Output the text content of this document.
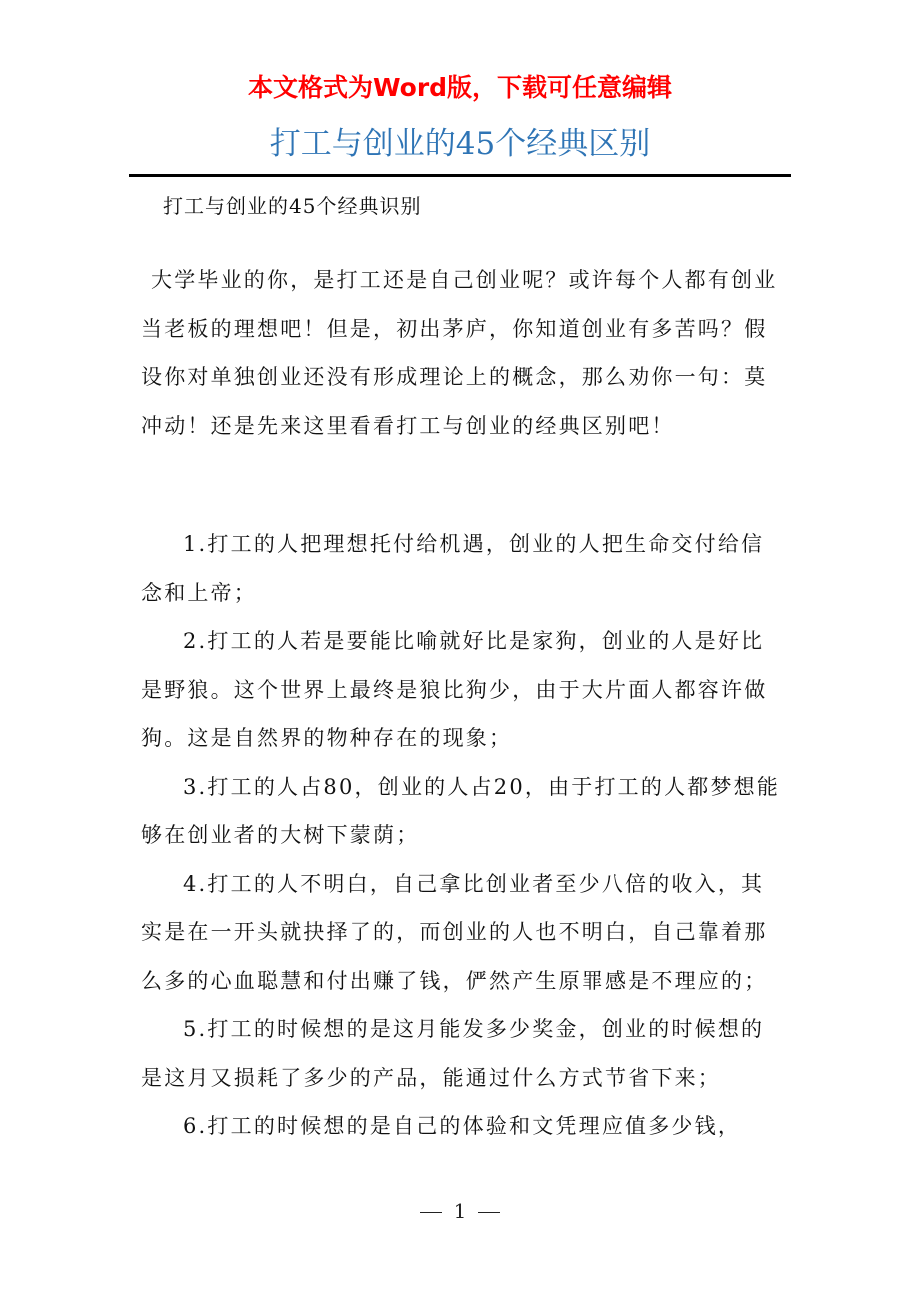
本文格式为Word版，下载可任意编辑
打工与创业的45个经典区别
打工与创业的45个经典识别
大学毕业的你，是打工还是自己创业呢？或许每个人都有创业当老板的理想吧！但是，初出茅庐，你知道创业有多苦吗？假设你对单独创业还没有形成理论上的概念，那么劝你一句：莫冲动！还是先来这里看看打工与创业的经典区别吧！

1.打工的人把理想托付给机遇，创业的人把生命交付给信念和上帝；

2.打工的人若是要能比喻就好比是家狗，创业的人是好比是野狼。这个世界上最终是狼比狗少，由于大片面人都容许做狗。这是自然界的物种存在的现象；

3.打工的人占80，创业的人占20，由于打工的人都梦想能够在创业者的大树下蒙荫；

4.打工的人不明白，自己拿比创业者至少八倍的收入，其实是在一开头就抉择了的，而创业的人也不明白，自己靠着那么多的心血聪慧和付出赚了钱，俨然产生原罪感是不理应的；

5.打工的时候想的是这月能发多少奖金，创业的时候想的是这月又损耗了多少的产品，能通过什么方式节省下来；

6.打工的时候想的是自己的体验和文凭理应值多少钱，

1
